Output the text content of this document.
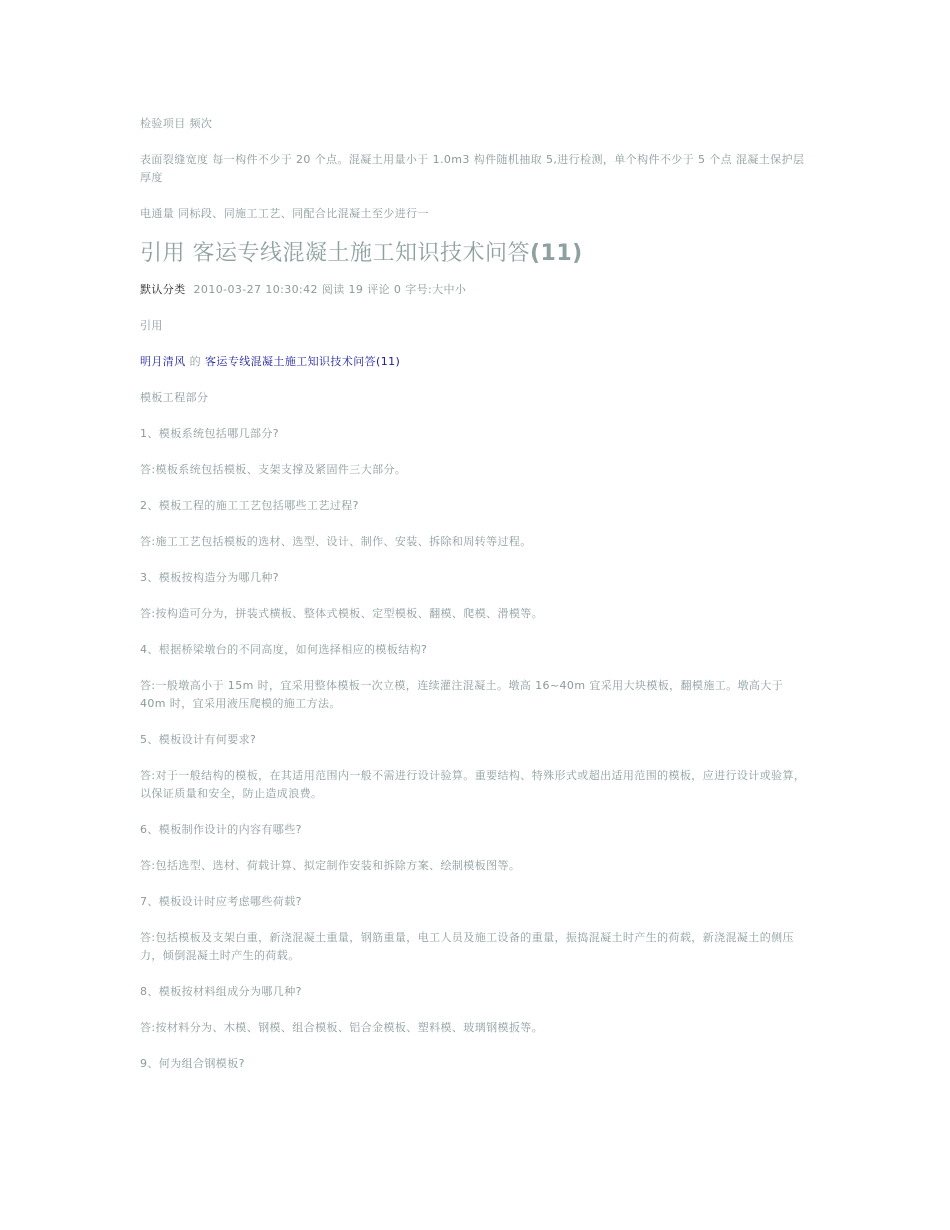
检验项目 频次

表面裂缝宽度 每一构件不少于 20 个点。混凝土用量小于 1.0m3 构件随机抽取 5,进行检测，单个构件不少于 5 个点 混凝土保护层厚度

电通量 同标段、同施工工艺、同配合比混凝土至少进行一

引用 客运专线混凝土施工知识技术问答(11)
默认分类 2010-03-27 10:30:42 阅读 19 评论 0 字号:大中小

引用

明月清风 的 客运专线混凝土施工知识技术问答(11)

模板工程部分

1、模板系统包括哪几部分?

答:模板系统包括模板、支架支撑及紧固件三大部分。

2、模板工程的施工工艺包括哪些工艺过程?

答:施工工艺包括模板的选材、选型、设计、制作、安装、拆除和周转等过程。

3、模板按构造分为哪几种?

答:按构造可分为，拼装式横板、整体式模板、定型模板、翻模、爬模、滑模等。

4、根据桥梁墩台的不同高度，如何选择相应的模板结构?

答:一般墩高小于 15m 时，宜采用整体模板一次立模，连续灌注混凝土。墩高 16~40m 宜采用大块模板，翻模施工。墩高大于 40m 时，宜采用液压爬模的施工方法。

5、模板设计有何要求?

答:对于一般结构的模板，在其适用范围内一般不需进行设计验算。重要结构、特殊形式或超出适用范围的模板，应进行设计或验算，以保证质量和安全，防止造成浪费。

6、模板制作设计的内容有哪些?

答:包括选型、选材、荷载计算、拟定制作安装和拆除方案、绘制模板图等。

7、模板设计时应考虑哪些荷载?

答:包括模板及支架白重，新浇混凝土重量，钢筋重量，电工人员及施工设备的重量，振捣混凝土时产生的荷载，新浇混凝土的侧压力，倾倒混凝土时产生的荷载。

8、模板按材料组成分为哪几种?

答:按材料分为、木模、钢模、组合模板、铝合金模板、塑料模、玻璃钢模扳等。

9、何为组合钢模板?
